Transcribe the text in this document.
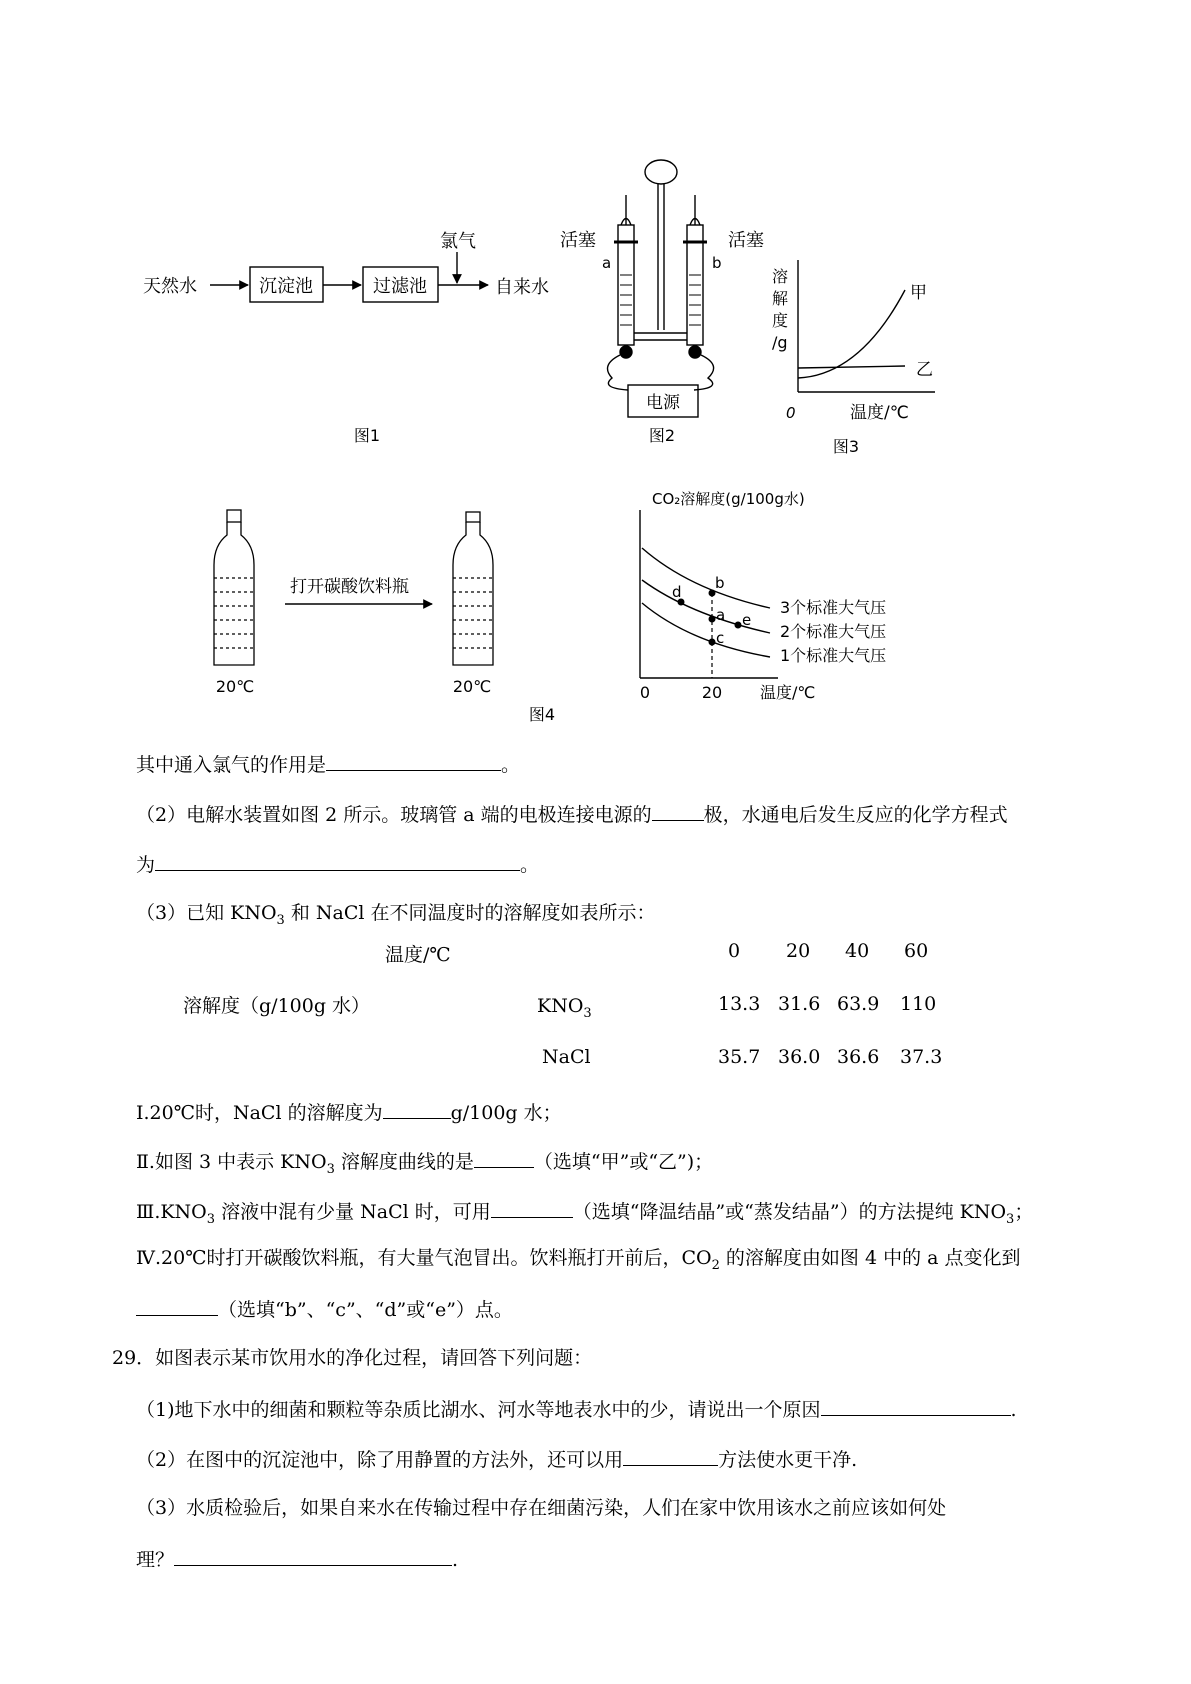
天然水	沉淀池	过滤池
氯气
自来水
图1
活塞	活塞
a	b
电源
图2
溶
解
度
/g
甲
乙
0	温度/℃
图3
20℃
打开碳酸饮料瓶
20℃
CO₂溶解度(g/100g水)
b
a
c
d
e
3个标准大气压
2个标准大气压
1个标准大气压
0	20 温度/℃
图4
其中通入氯气的作用是	。
（2）电解水装置如图 2 所示。玻璃管 a 端的电极连接电源的	极，水通电后发生反应的化学方程式
为	。
（3）已知 $KNO_3$ 和 NaCl 在不同温度时的溶解度如表所示：
温度/℃	0 20 40 60
溶解度（g/100g 水）	$KNO_3$	13.3 31.6 63.9 110
NaCl	35.7 36.0 36.6 37.3
Ⅰ.20℃时，NaCl 的溶解度为	g/100g 水；
Ⅱ.如图 3 中表示 $KNO_3$ 溶解度曲线的是	（选填“甲”或“乙”)；
$Ⅲ.KNO_3$ 溶液中混有少量 NaCl 时，可用	（选填“降温结晶”或“蒸发结晶”）的方法提纯 $KNO_3$；
Ⅳ.20℃时打开碳酸饮料瓶，有大量气泡冒出。饮料瓶打开前后，$CO_2$ 的溶解度由如图 4 中的 a 点变化到
（选填“b”、“c”、“d”或“e”）点。
29．如图表示某市饮用水的净化过程，请回答下列问题：
（1)地下水中的细菌和颗粒等杂质比湖水、河水等地表水中的少，请说出一个原因	.
（2）在图中的沉淀池中，除了用静置的方法外，还可以用	方法使水更干净.
（3）水质检验后，如果自来水在传输过程中存在细菌污染，人们在家中饮用该水之前应该如何处
理？	.
